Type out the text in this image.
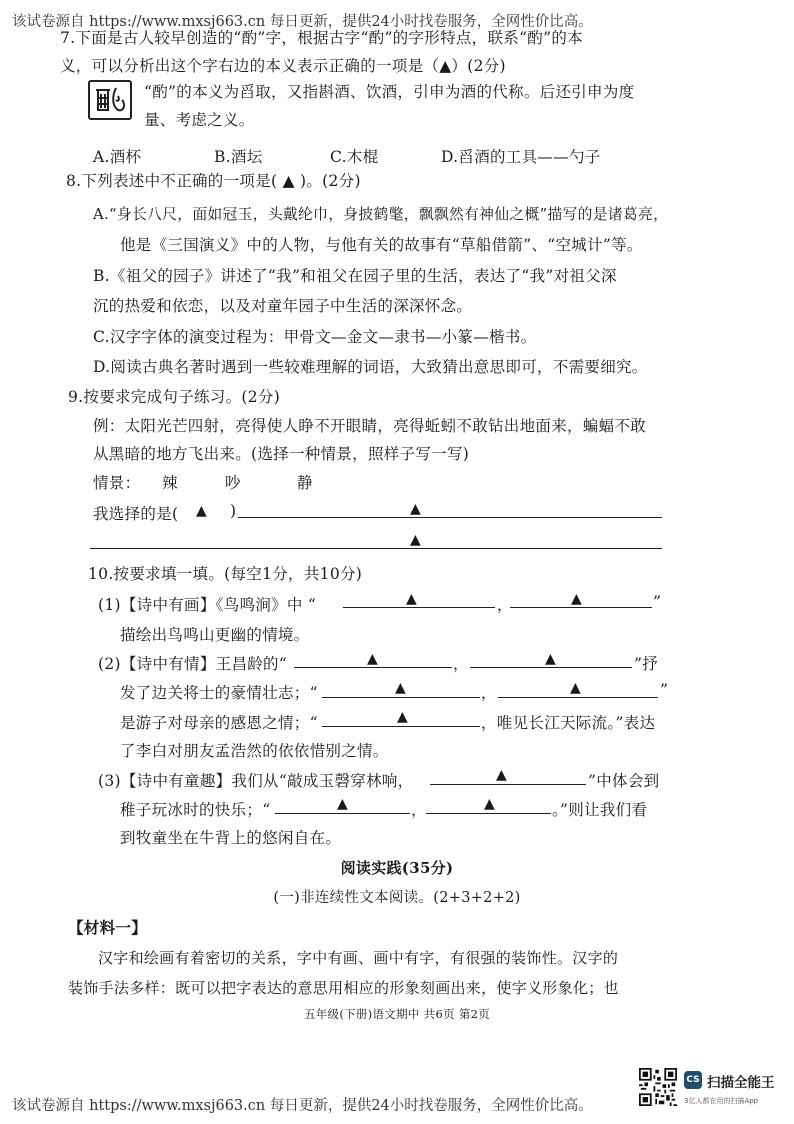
该试卷源自 https://www.mxsj663.cn 每日更新，提供24小时找卷服务，全网性价比高。
7.下面是古人较早创造的“酌”字，根据古字“酌”的字形特点，联系“酌”的本
义，可以分析出这个字右边的本义表示正确的一项是（▲）(2分)
“酌”的本义为舀取，又指斟酒、饮酒，引申为酒的代称。后还引申为度
量、考虑之义。
A.酒杯	B.酒坛	C.木棍	D.舀酒的工具——勺子
8.下列表述中不正确的一项是( ▲ )。(2分)
A.“身长八尺，面如冠玉，头戴纶巾，身披鹤氅，飘飘然有神仙之概”描写的是诸葛亮，
他是《三国演义》中的人物，与他有关的故事有“草船借箭”、“空城计”等。
B.《祖父的园子》讲述了“我”和祖父在园子里的生活，表达了“我”对祖父深
沉的热爱和依恋，以及对童年园子中生活的深深怀念。
C.汉字字体的演变过程为：甲骨文—金文—隶书—小篆—楷书。
D.阅读古典名著时遇到一些较难理解的词语，大致猜出意思即可，不需要细究。
9.按要求完成句子练习。(2分)
例：太阳光芒四射，亮得使人睁不开眼睛，亮得蚯蚓不敢钻出地面来，蝙蝠不敢
从黑暗的地方飞出来。(选择一种情景，照样子写一写)
情景： 辣	吵	静
我选择的是( ▲ )	▲
▲
10.按要求填一填。(每空1分，共10分)
(1)【诗中有画】《鸟鸣涧》中 “	▲	，	▲	”
描绘出鸟鸣山更幽的情境。
(2)【诗中有情】王昌龄的“	▲	，	▲	”抒
发了边关将士的豪情壮志；“	▲	，	▲	”
是游子对母亲的感恩之情；“	▲	，唯见长江天际流。”表达
了李白对朋友孟浩然的依依惜别之情。
(3)【诗中有童趣】我们从“敲成玉磬穿林响，	▲	”中体会到
稚子玩冰时的快乐；“	▲	，	▲	。”则让我们看
到牧童坐在牛背上的悠闲自在。
阅读实践(35分)
(一)非连续性文本阅读。(2+3+2+2)
【材料一】
汉字和绘画有着密切的关系，字中有画、画中有字，有很强的装饰性。汉字的
装饰手法多样：既可以把字表达的意思用相应的形象刻画出来，使字义形象化；也
五年级(下册)语文期中 共6页 第2页
该试卷源自 https://www.mxsj663.cn 每日更新，提供24小时找卷服务，全网性价比高。
CS 扫描全能王
3亿人都在用的扫描App
